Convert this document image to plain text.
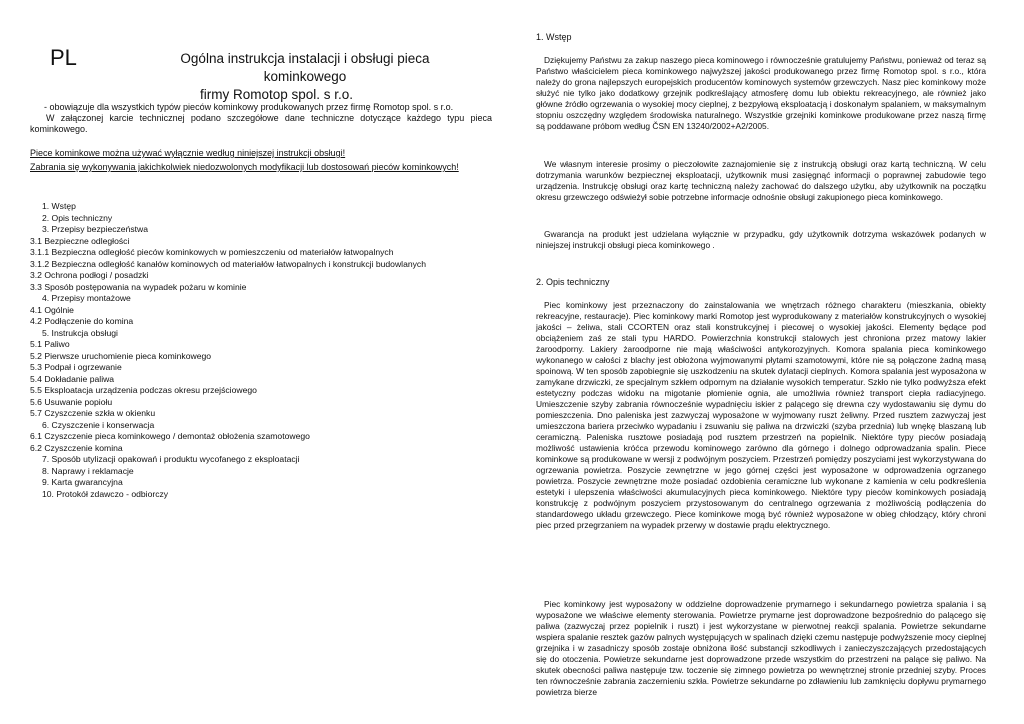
PL	Ogólna instrukcja instalacji i obsługi pieca kominkowego
firmy Romotop spol. s r.o.

- obowiązuje dla wszystkich typów pieców kominkowy produkowanych przez firmę Romotop spol. s r.o.

W załączonej karcie technicznej podano szczegółowe dane techniczne dotyczące każdego typu pieca kominkowego.

Piece kominkowe można używać wyłącznie według niniejszej instrukcji obsługi!

Zabrania się wykonywania jakichkolwiek niedozwolonych modyfikacji lub dostosowań pieców kominkowych!

1. Wstęp
2. Opis techniczny
3. Przepisy bezpieczeństwa
3.1 Bezpieczne odległości
3.1.1 Bezpieczna odległość pieców kominkowych w pomieszczeniu od materiałów łatwopalnych
3.1.2 Bezpieczna odległość kanałów kominowych od materiałów łatwopalnych i konstrukcji budowlanych
3.2 Ochrona podłogi / posadzki
3.3 Sposób postępowania na wypadek pożaru w kominie
4. Przepisy montażowe
4.1 Ogólnie
4.2 Podłączenie do komina
5. Instrukcja obsługi
5.1 Paliwo
5.2 Pierwsze uruchomienie pieca kominkowego
5.3 Podpał i ogrzewanie
5.4 Dokładanie paliwa
5.5 Eksploatacja urządzenia podczas okresu przejściowego
5.6 Usuwanie popiołu
5.7 Czyszczenie szkła w okienku
6. Czyszczenie i konserwacja
6.1 Czyszczenie pieca kominkowego / demontaż obłożenia szamotowego
6.2 Czyszczenie komina
7. Sposób utylizacji opakowań i produktu wycofanego z eksploatacji
8. Naprawy i reklamacje
9. Karta gwarancyjna
10. Protokół zdawczo - odbiorczy
1. Wstęp

Dziękujemy Państwu za zakup naszego pieca kominowego i równocześnie gratulujemy Państwu, ponieważ od teraz są Państwo właścicielem pieca kominkowego najwyższej jakości produkowanego przez firmę Romotop spol. s r.o., która należy do grona najlepszych europejskich producentów kominowych systemów grzewczych. Nasz piec kominkowy może służyć nie tylko jako dodatkowy grzejnik podkreślający atmosferę domu lub obiektu rekreacyjnego, ale również jako główne źródło ogrzewania o wysokiej mocy cieplnej, z bezpyłową eksploatacją i doskonałym spalaniem, w maksymalnym stopniu oszczędny względem środowiska naturalnego. Wszystkie grzejniki kominkowe produkowane przez naszą firmę są poddawane próbom według ČSN EN 13240/2002+A2/2005.

We własnym interesie prosimy o pieczołowite zaznajomienie się z instrukcją obsługi oraz kartą techniczną. W celu dotrzymania warunków bezpiecznej eksploatacji, użytkownik musi zasięgnąć informacji o poprawnej zabudowie tego urządzenia. Instrukcję obsługi oraz kartę techniczną należy zachować do dalszego użytku, aby użytkownik na początku okresu grzewczego odświeżył sobie potrzebne informacje odnośnie obsługi zakupionego pieca kominkowego.

Gwarancja na produkt jest udzielana wyłącznie w przypadku, gdy użytkownik dotrzyma wskazówek podanych w niniejszej instrukcji obsługi pieca kominkowego .

2. Opis techniczny

Piec kominkowy jest przeznaczony do zainstalowania we wnętrzach różnego charakteru (mieszkania, obiekty rekreacyjne, restauracje). Piec kominkowy marki Romotop jest wyprodukowany z materiałów konstrukcyjnych o wysokiej jakości – żeliwa, stali CCORTEN oraz stali konstrukcyjnej i piecowej o wysokiej jakości. Elementy będące pod obciążeniem zaś ze stali typu HARDO. Powierzchnia konstrukcji stalowych jest chroniona przez matowy lakier żaroodporny. Lakiery żaroodporne nie mają właściwości antykorozyjnych. Komora spalania pieca kominkowego wykonanego w całości z blachy jest obłożona wyjmowanymi płytami szamotowymi, które nie są połączone żadną masą spoinową. W ten sposób zapobiegnie się uszkodzeniu na skutek dylatacji cieplnych. Komora spalania jest wyposażona w zamykane drzwiczki, ze specjalnym szkłem odpornym na działanie wysokich temperatur. Szkło nie tylko podwyższa efekt estetyczny podczas widoku na migotanie płomienie ognia, ale umożliwia również transport ciepła radiacyjnego. Umieszczenie szyby zabrania równocześnie wypadnięciu iskier z palącego się drewna czy wydostawaniu się dymu do pomieszczenia. Dno paleniska jest zazwyczaj wyposażone w wyjmowany ruszt żeliwny. Przed rusztem zazwyczaj jest umieszczona bariera przeciwko wypadaniu i zsuwaniu się paliwa na drzwiczki (szyba przednia) lub wnękę blaszaną lub ceramiczną. Paleniska rusztowe posiadają pod rusztem przestrzeń na popielnik. Niektóre typy pieców posiadają możliwość ustawienia króćca przewodu kominowego zarówno dla górnego i dolnego odprowadzania spalin. Piece kominkowe są produkowane w wersji z podwójnym poszyciem. Przestrzeń pomiędzy poszyciami jest wykorzystywana do ogrzewania powietrza. Poszycie zewnętrzne w jego górnej części jest wyposażone w odprowadzenia ogrzanego powietrza. Poszycie zewnętrzne może posiadać ozdobienia ceramiczne lub wykonane z kamienia w celu podkreślenia estetyki i ulepszenia właściwości akumulacyjnych pieca kominkowego. Niektóre typy pieców kominkowych posiadają konstrukcję z podwójnym poszyciem przystosowanym do centralnego ogrzewania z możliwością podłączenia do standardowego układu grzewczego. Piece kominkowe mogą być również wyposażone w obieg chłodzący, który chroni piec przed przegrzaniem na wypadek przerwy w dostawie prądu elektrycznego.

Piec kominkowy jest wyposażony w oddzielne doprowadzenie prymarnego i sekundarnego powietrza spalania i są wyposażone we właściwe elementy sterowania. Powietrze prymarne jest doprowadzone bezpośrednio do palącego się paliwa (zazwyczaj przez popielnik i ruszt) i jest wykorzystane w pierwotnej reakcji spalania. Powietrze sekundarne wspiera spalanie resztek gazów palnych występujących w spalinach dzięki czemu następuje podwyższenie mocy cieplnej grzejnika i w zasadniczy sposób zostaje obniżona ilość substancji szkodliwych i zanieczyszczających przedostających się do otoczenia. Powietrze sekundarne jest doprowadzone przede wszystkim do przestrzeni na palące się paliwo. Na skutek obecności paliwa następuje tzw. toczenie się zimnego powietrza po wewnętrznej stronie przedniej szyby. Proces ten równocześnie zabrania zaczernieniu szkła. Powietrze sekundarne po zdławieniu lub zamknięciu dopływu prymarnego powietrza bierze
